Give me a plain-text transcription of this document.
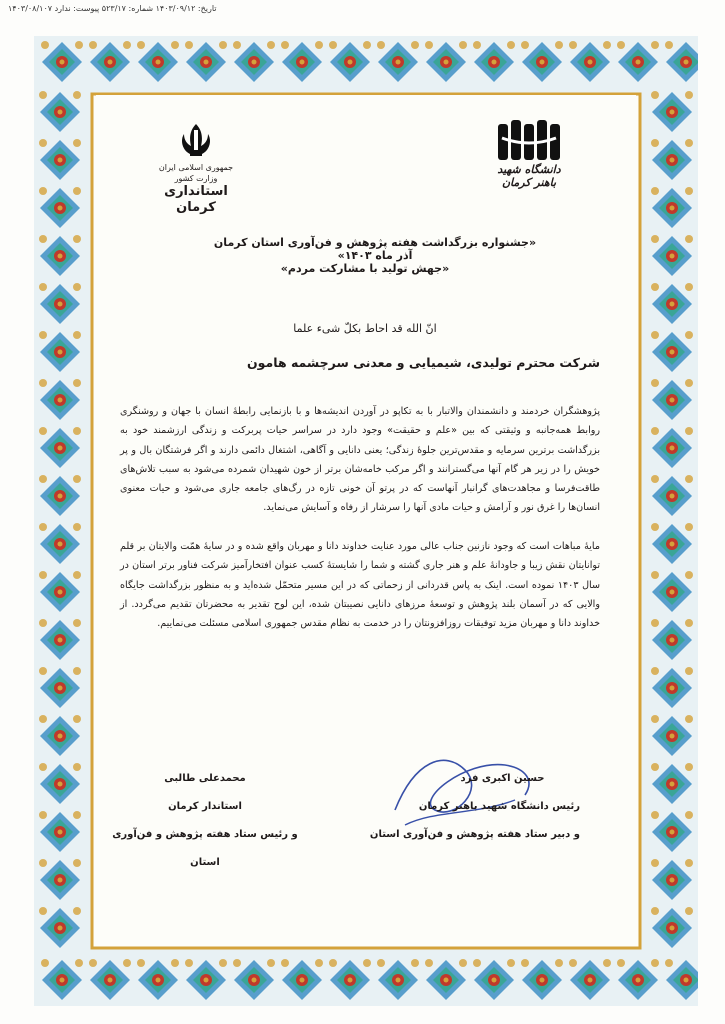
۱۴۰۳/۰۸/۱۰۷ تاریخ: ۱۴۰۳/۰۹/۱۲ شماره: ۵۲۳/۱۷ پیوست: ندارد
جمهوری اسلامی ایران
وزارت کشور
استانداری کرمان
دانشگاه شهید باهنر کرمان
«جشنواره بزرگداشت هفته پژوهش و فن‌آوری استان کرمان آذر ماه ۱۴۰۳»
«جهش تولید با مشارکت مردم»
انّ الله قد احاط بکلّ شیء علما
شرکت محترم تولیدی، شیمیایی و معدنی سرچشمه هامون
پژوهشگران خردمند و دانشمندان والاتبار با به تکاپو در آوردن اندیشه‌ها و با بازنمایی رابطهٔ انسان با جهان و روشنگری روابط همه‌جانبه و وثیقتی که بین «علم و حقیقت» وجود دارد در سراسر حیات پربرکت و زندگی ارزشمند خود به بزرگداشت برترین سرمایه و مقدس‌ترین جلوهٔ زندگی؛ یعنی دانایی و آگاهی، اشتغال دائمی دارند و اگر فرشتگان بال و پر خویش را در زیر هر گام آنها می‌گسترانند و اگر مرکب خامه‌شان برتر از خون شهیدان شمرده می‌شود به سبب تلاش‌های طاقت‌فرسا و مجاهدت‌های گرانبار آنهاست که در پرتو آن خونی تازه در رگ‌های جامعه جاری می‌شود و حیات معنوی انسان‌ها را غرق نور و آرامش و حیات مادی آنها را سرشار از رفاه و آسایش می‌نماید.
مایهٔ مباهات است که وجود نازنین جناب عالی مورد عنایت خداوند دانا و مهربان واقع شده و در سایهٔ همّت والایتان بر قلم توانایتان نقش زیبا و جاودانهٔ علم و هنر جاری گشته و شما را شایستهٔ کسب عنوان افتخارآمیز شرکت فناور برتر استان در سال ۱۴۰۳ نموده است. اینک به پاس قدردانی از زحماتی که در این مسیر متحمّل شده‌اید و به منظور بزرگداشت جایگاه والایی که در آسمان بلند پژوهش و توسعهٔ مرزهای دانایی نصیبتان شده، این لوح تقدیر به محضرتان تقدیم می‌گردد. از خداوند دانا و مهربان مزید توفیقات روزافزونتان را در خدمت به نظام مقدس جمهوری اسلامی مسئلت می‌نماییم.
محمدعلی طالبی
استاندار کرمان
و رئیس ستاد هفته پژوهش و فن‌آوری استان
حسین اکبری فرد
رئیس دانشگاه شهید باهنر کرمان
و دبیر ستاد هفته پژوهش و فن‌آوری استان
